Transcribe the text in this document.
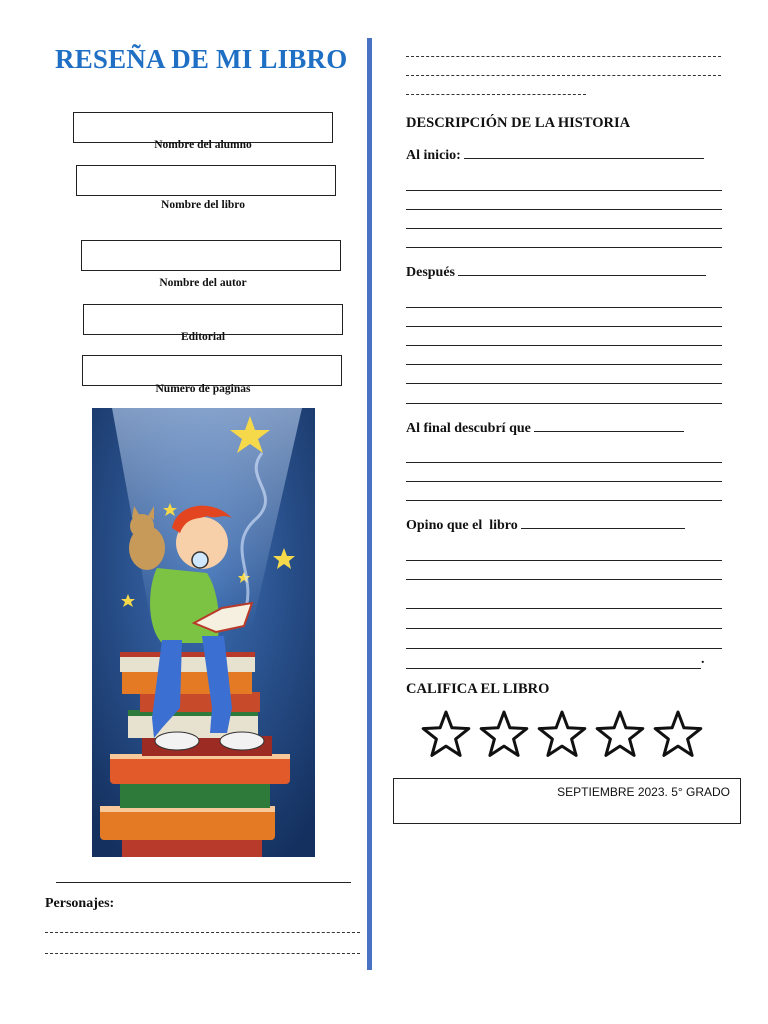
RESEÑA DE MI LIBRO
Nombre del alumno
Nombre del libro
Nombre del autor
Editorial
Numero de paginas
Personajes:
DESCRIPCIÓN DE LA HISTORIA
Al inicio:
Después
Al final descubrí que
Opino que el  libro
.
CALIFICA EL LIBRO
SEPTIEMBRE 2023. 5° GRADO
